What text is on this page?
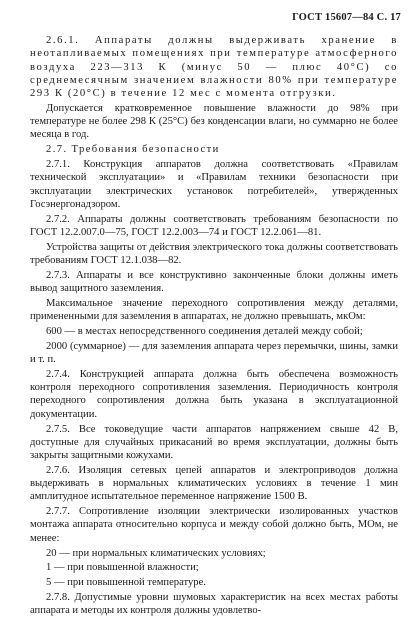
ГОСТ 15607—84 С. 17

2.6.1. Аппараты должны выдерживать хранение в неотапливаемых помещениях при температуре атмосферного воздуха 223—313 К (минус 50 — плюс 40°С) со среднемесячным значением влажности 80% при температуре 293 К (20°С) в течение 12 мес с момента отгрузки.

Допускается кратковременное повышение влажности до 98% при температуре не более 298 К (25°С) без конденсации влаги, но суммарно не более месяца в год.

2.7. Требования безопасности

2.7.1. Конструкция аппаратов должна соответствовать «Правилам технической эксплуатации» и «Правилам техники безопасности при эксплуатации электрических установок потребителей», утвержденных Госэнергонадзором.

2.7.2. Аппараты должны соответствовать требованиям безопасности по ГОСТ 12.2.007.0—75, ГОСТ 12.2.003—74 и ГОСТ 12.2.061—81.

Устройства защиты от действия электрического тока должны соответствовать требованиям ГОСТ 12.1.038—82.

2.7.3. Аппараты и все конструктивно законченные блоки должны иметь вывод защитного заземления.

Максимальное значение переходного сопротивления между деталями, примененными для заземления в аппаратах, не должно превышать, мкОм:

600 — в местах непосредственного соединения деталей между собой;

2000 (суммарное) — для заземления аппарата через перемычки, шины, замки и т. п.

2.7.4. Конструкцией аппарата должна быть обеспечена возможность контроля переходного сопротивления заземления. Периодичность контроля переходного сопротивления должна быть указана в эксплуатационной документации.

2.7.5. Все токоведущие части аппаратов напряжением свыше 42 В, доступные для случайных прикасаний во время эксплуатации, должны быть закрыты защитными кожухами.

2.7.6. Изоляция сетевых цепей аппаратов и электроприводов должна выдерживать в нормальных климатических условиях в течение 1 мин амплитудное испытательное переменное напряжение 1500 В.

2.7.7. Сопротивление изоляции электрически изолированных участков монтажа аппарата относительно корпуса и между собой должно быть, МОм, не менее:

20 — при нормальных климатических условиях;

1 — при повышенной влажности;

5 — при повышенной температуре.

2.7.8. Допустимые уровни шумовых характеристик на всех местах работы аппарата и методы их контроля должны удовлетво-
